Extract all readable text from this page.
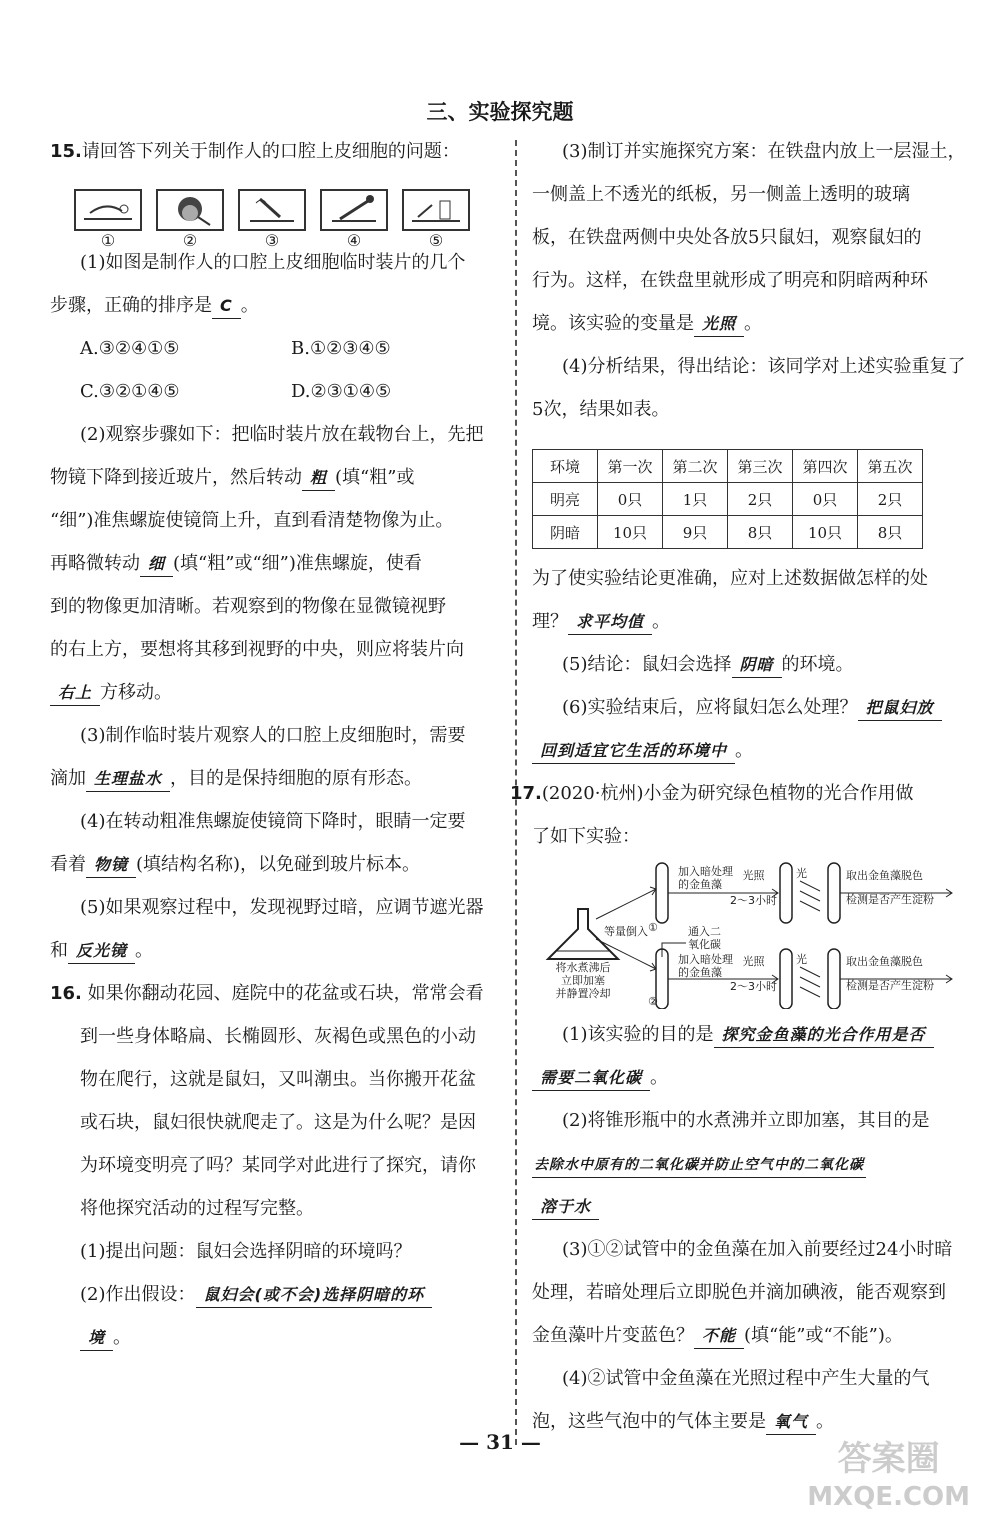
三、实验探究题
15.请回答下列关于制作人的口腔上皮细胞的问题：
①	②	③	④	⑤
(1)如图是制作人的口腔上皮细胞临时装片的几个
步骤，正确的排序是 C 。
A.③②④①⑤	B.①②③④⑤
C.③②①④⑤	D.②③①④⑤
(2)观察步骤如下：把临时装片放在载物台上，先把
物镜下降到接近玻片，然后转动 粗 (填“粗”或
“细”)准焦螺旋使镜筒上升，直到看清楚物像为止。
再略微转动 细 (填“粗”或“细”)准焦螺旋，使看
到的物像更加清晰。若观察到的物像在显微镜视野
的右上方，要想将其移到视野的中央，则应将装片向
右上 方移动。
(3)制作临时装片观察人的口腔上皮细胞时，需要
滴加 生理盐水 ，目的是保持细胞的原有形态。
(4)在转动粗准焦螺旋使镜筒下降时，眼睛一定要
看着 物镜 (填结构名称)，以免碰到玻片标本。
(5)如果观察过程中，发现视野过暗，应调节遮光器
和 反光镜 。
16. 如果你翻动花园、庭院中的花盆或石块，常常会看
到一些身体略扁、长椭圆形、灰褐色或黑色的小动
物在爬行，这就是鼠妇，又叫潮虫。当你搬开花盆
或石块，鼠妇很快就爬走了。这是为什么呢？是因
为环境变明亮了吗？某同学对此进行了探究，请你
将他探究活动的过程写完整。
(1)提出问题：鼠妇会选择阴暗的环境吗？
(2)作出假设： 鼠妇会(或不会)选择阴暗的环
境 。
(3)制订并实施探究方案：在铁盘内放上一层湿土，
一侧盖上不透光的纸板，另一侧盖上透明的玻璃
板，在铁盘两侧中央处各放5只鼠妇，观察鼠妇的
行为。这样，在铁盘里就形成了明亮和阴暗两种环
境。该实验的变量是 光照 。
(4)分析结果，得出结论：该同学对上述实验重复了
5次，结果如表。
环境	第一次	第二次	第三次	第四次	第五次
明亮	0只	1只	2只	0只	2只
阴暗	10只	9只	8只	10只	8只
为了使实验结论更准确，应对上述数据做怎样的处
理？ 求平均值 。
(5)结论：鼠妇会选择 阴暗 的环境。
(6)实验结束后，应将鼠妇怎么处理？ 把鼠妇放
回到适宜它生活的环境中 。
17.(2020·杭州)小金为研究绿色植物的光合作用做
了如下实验：
将水煮沸后
立即加塞
并静置冷却
等量倒入 ①
②
通入二
氧化碳
加入暗处理
的金鱼藻
加入暗处理
的金鱼藻
光照
2～3小时
光照
2～3小时
光
光
取出金鱼藻脱色
检测是否产生淀粉
取出金鱼藻脱色
检测是否产生淀粉
(1)该实验的目的是 探究金鱼藻的光合作用是否
需要二氧化碳 。
(2)将锥形瓶中的水煮沸并立即加塞，其目的是
去除水中原有的二氧化碳并防止空气中的二氧化碳
溶于水
(3)①②试管中的金鱼藻在加入前要经过24小时暗
处理，若暗处理后立即脱色并滴加碘液，能否观察到
金鱼藻叶片变蓝色？ 不能 (填“能”或“不能”)。
(4)②试管中金鱼藻在光照过程中产生大量的气
泡，这些气泡中的气体主要是 氧气 。
— 31 —	答案圈
MXQE.COM
